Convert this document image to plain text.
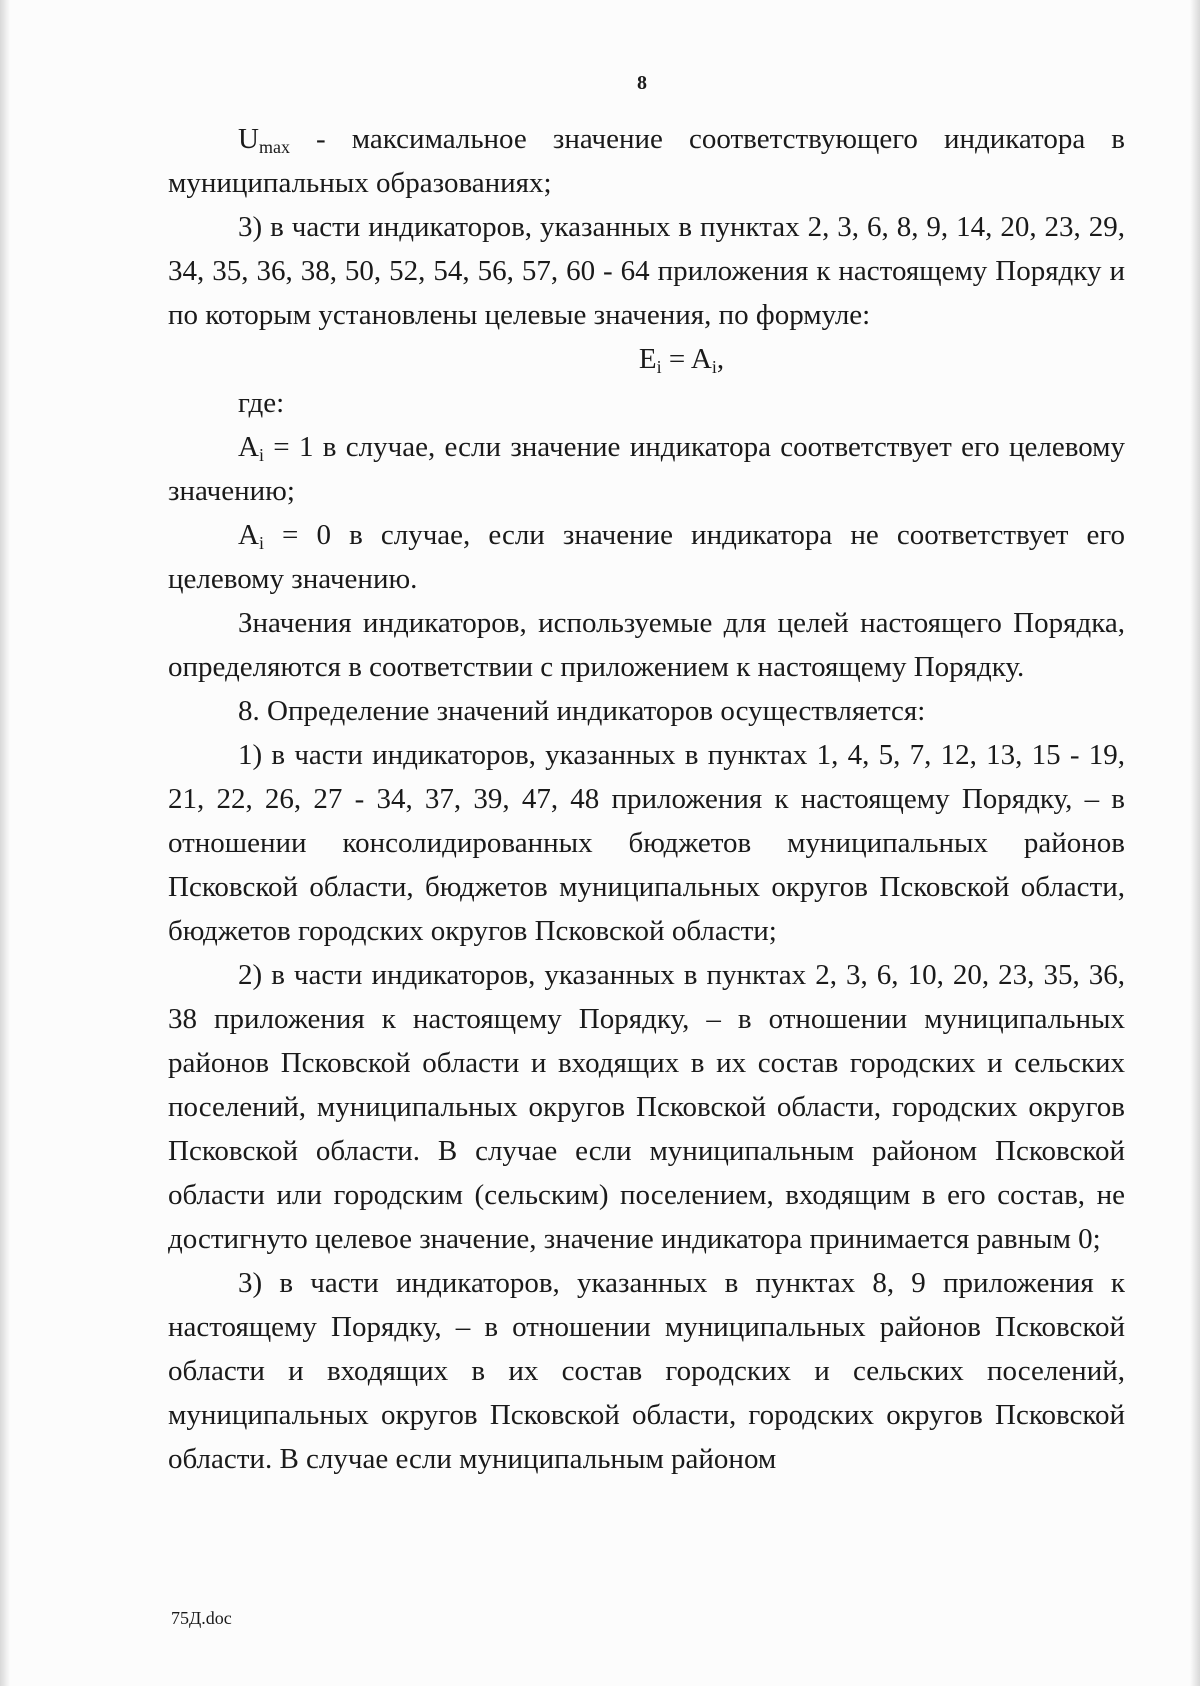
8

$U_{max}$ - максимальное значение соответствующего индикатора в муниципальных образованиях;

3) в части индикаторов, указанных в пунктах 2, 3, 6, 8, 9, 14, 20, 23, 29, 34, 35, 36, 38, 50, 52, 54, 56, 57, 60 - 64 приложения к настоящему Порядку и по которым установлены целевые значения, по формуле:

$E_i = A_i$,

где:

$A_i = 1$ в случае, если значение индикатора соответствует его целевому значению;

$A_i = 0$ в случае, если значение индикатора не соответствует его целевому значению.

Значения индикаторов, используемые для целей настоящего Порядка, определяются в соответствии с приложением к настоящему Порядку.

8. Определение значений индикаторов осуществляется:

1) в части индикаторов, указанных в пунктах 1, 4, 5, 7, 12, 13, 15 - 19, 21, 22, 26, 27 - 34, 37, 39, 47, 48 приложения к настоящему Порядку, – в отношении консолидированных бюджетов муниципальных районов Псковской области, бюджетов муниципальных округов Псковской области, бюджетов городских округов Псковской области;

2) в части индикаторов, указанных в пунктах 2, 3, 6, 10, 20, 23, 35, 36, 38 приложения к настоящему Порядку, – в отношении муниципальных районов Псковской области и входящих в их состав городских и сельских поселений, муниципальных округов Псковской области, городских округов Псковской области. В случае если муниципальным районом Псковской области или городским (сельским) поселением, входящим в его состав, не достигнуто целевое значение, значение индикатора принимается равным 0;

3) в части индикаторов, указанных в пунктах 8, 9 приложения к настоящему Порядку, – в отношении муниципальных районов Псковской области и входящих в их состав городских и сельских поселений, муниципальных округов Псковской области, городских округов Псковской области. В случае если муниципальным районом

75Д.doc
